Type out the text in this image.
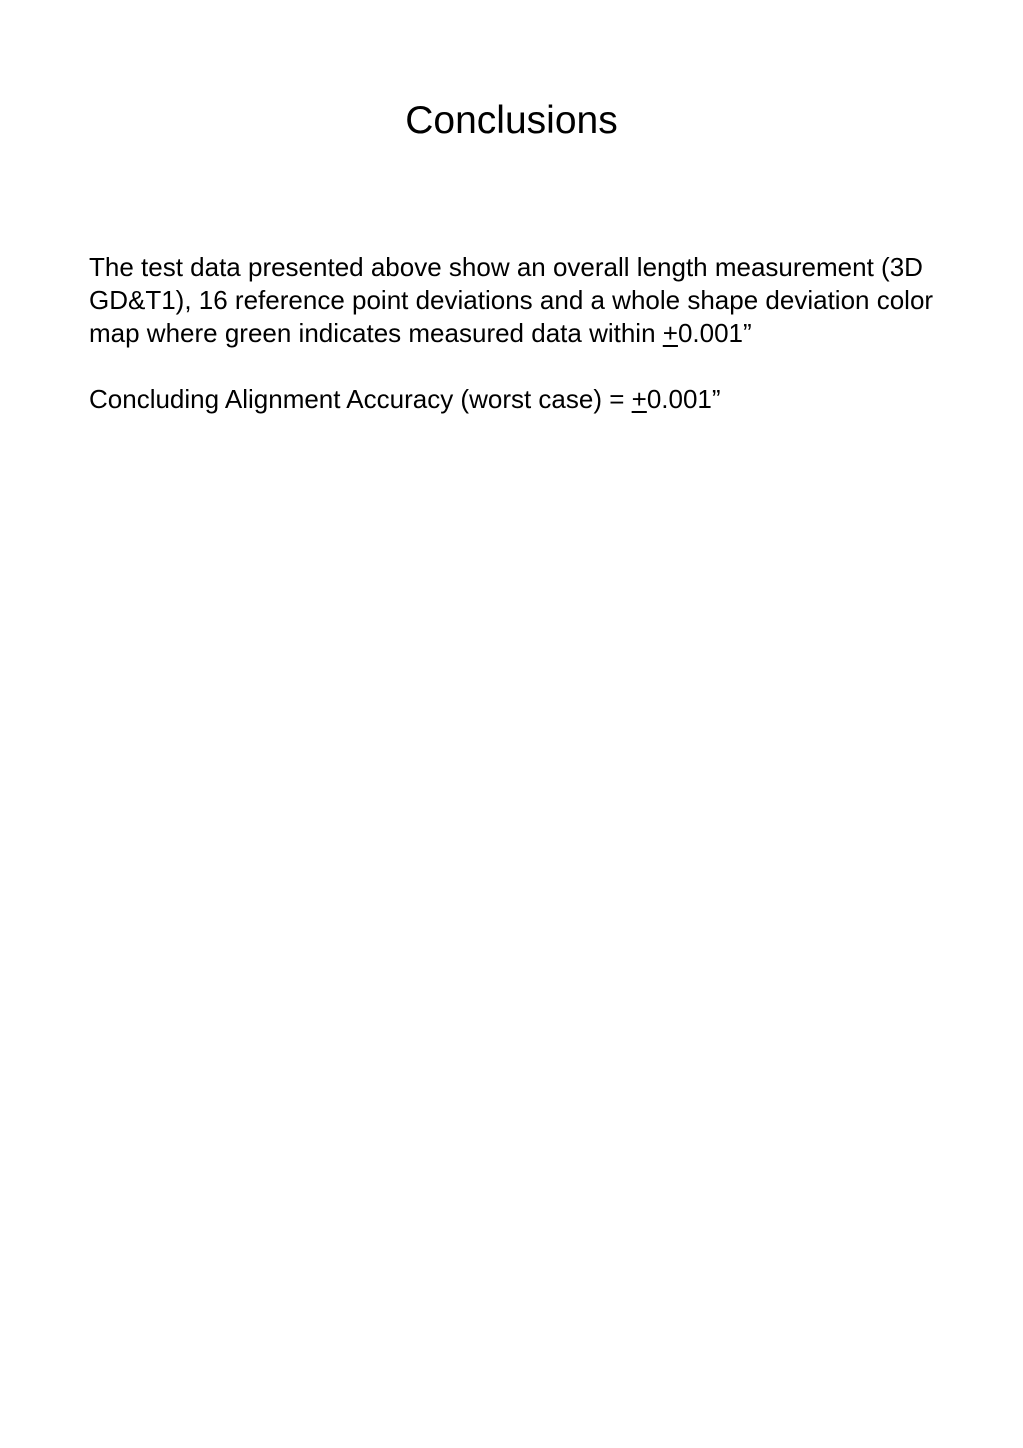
Conclusions

The test data presented above show an overall length measurement (3D GD&T1), 16 reference point deviations and a whole shape deviation color map where green indicates measured data within +0.001”

Concluding Alignment Accuracy (worst case) = +0.001”
